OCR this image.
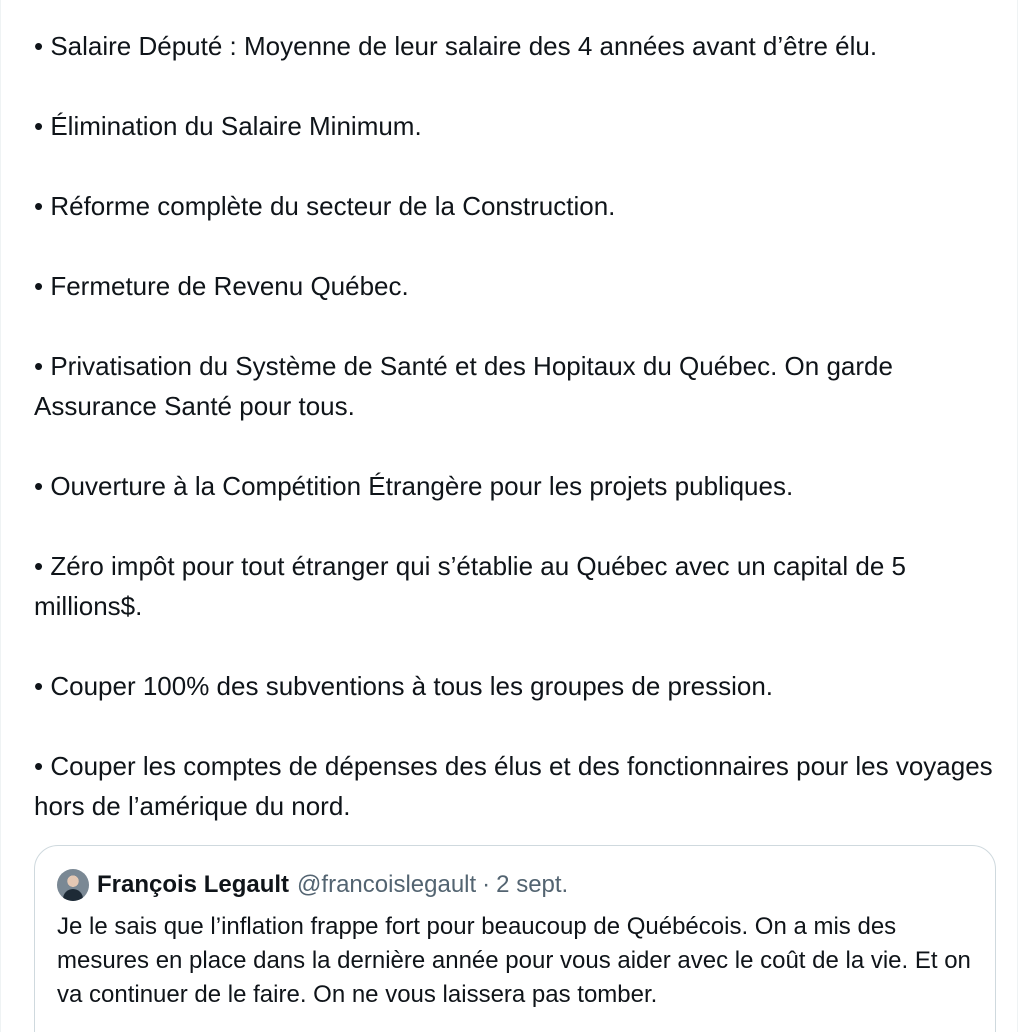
• Salaire Député : Moyenne de leur salaire des 4 années avant d’être élu.

• Élimination du Salaire Minimum.

• Réforme complète du secteur de la Construction.

• Fermeture de Revenu Québec.

• Privatisation du Système de Santé et des Hopitaux du Québec. On garde Assurance Santé pour tous.

• Ouverture à la Compétition Étrangère pour les projets publiques.

• Zéro impôt pour tout étranger qui s’établie au Québec avec un capital de 5 millions$.

• Couper 100% des subventions à tous les groupes de pression.

• Couper les comptes de dépenses des élus et des fonctionnaires pour les voyages hors de l’amérique du nord.

François Legault @francoislegault · 2 sept.
Je le sais que l’inflation frappe fort pour beaucoup de Québécois. On a mis des mesures en place dans la dernière année pour vous aider avec le coût de la vie. Et on va continuer de le faire. On ne vous laissera pas tomber.
